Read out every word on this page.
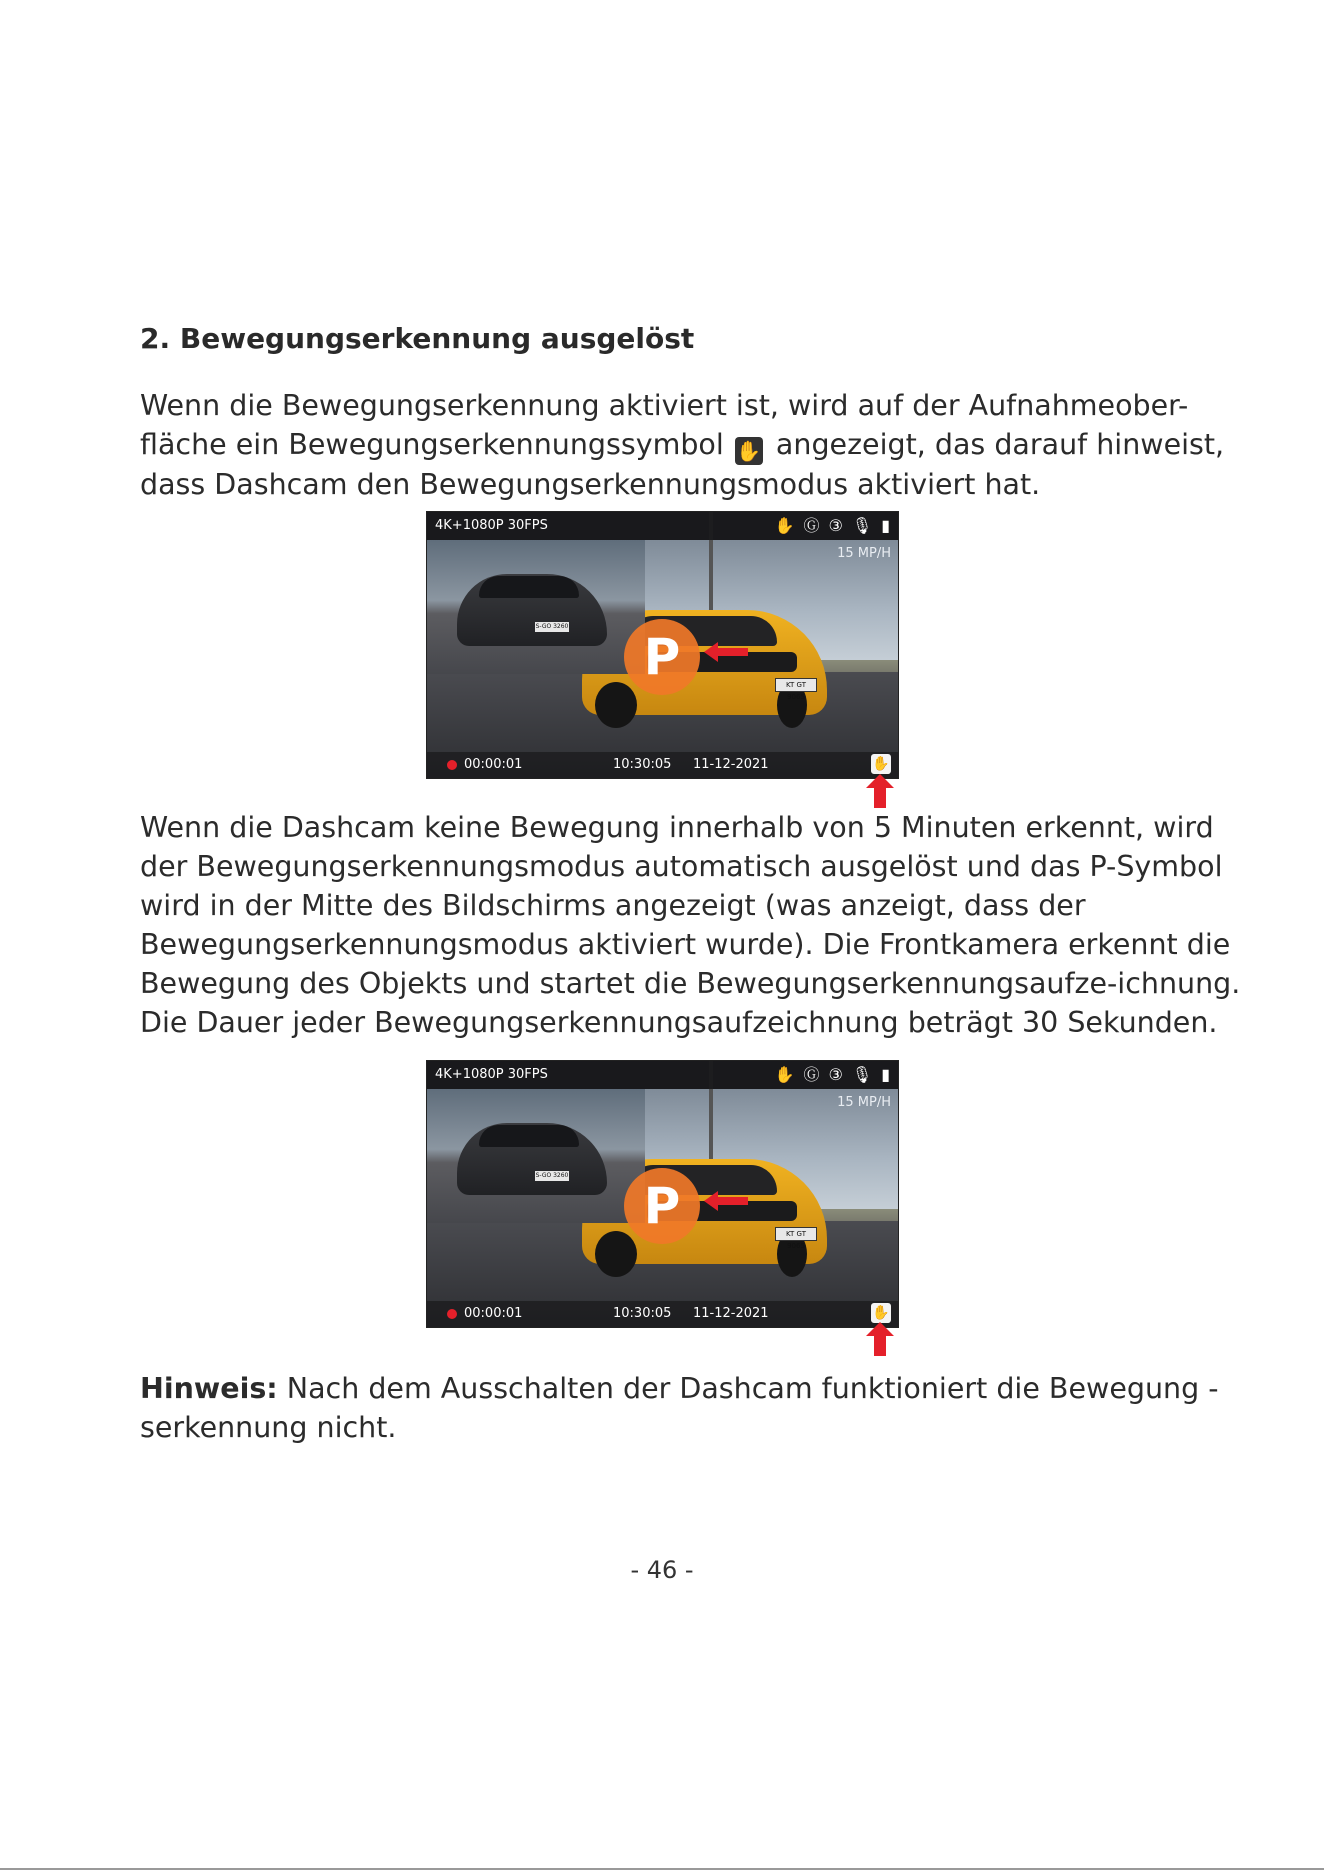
2. Bewegungserkennung ausgelöst

Wenn die Bewegungserkennung aktiviert ist, wird auf der Aufnahmeober-fläche ein Bewegungserkennungssymbol ✋ angezeigt, das darauf hinweist, dass Dashcam den Bewegungserkennungsmodus aktiviert hat.

KT GT 9065
S-GO 3260
4K+1080P 30FPS	✋ Ⓖ ③ 🎙 ▮
15 MP/H
P
00:00:01	10:30:05 11-12-2021	✋

Wenn die Dashcam keine Bewegung innerhalb von 5 Minuten erkennt, wird der Bewegungserkennungsmodus automatisch ausgelöst und das P-Symbol wird in der Mitte des Bildschirms angezeigt (was anzeigt, dass der Bewegungserkennungsmodus aktiviert wurde). Die Frontkamera erkennt die Bewegung des Objekts und startet die Bewegungserkennungsaufze-ichnung. Die Dauer jeder Bewegungserkennungsaufzeichnung beträgt 30 Sekunden.

KT GT 9065
S-GO 3260
4K+1080P 30FPS	✋ Ⓖ ③ 🎙 ▮
15 MP/H
P
00:00:01	10:30:05 11-12-2021	✋

Hinweis: Nach dem Ausschalten der Dashcam funktioniert die Bewegung -serkennung nicht.

- 46 -
